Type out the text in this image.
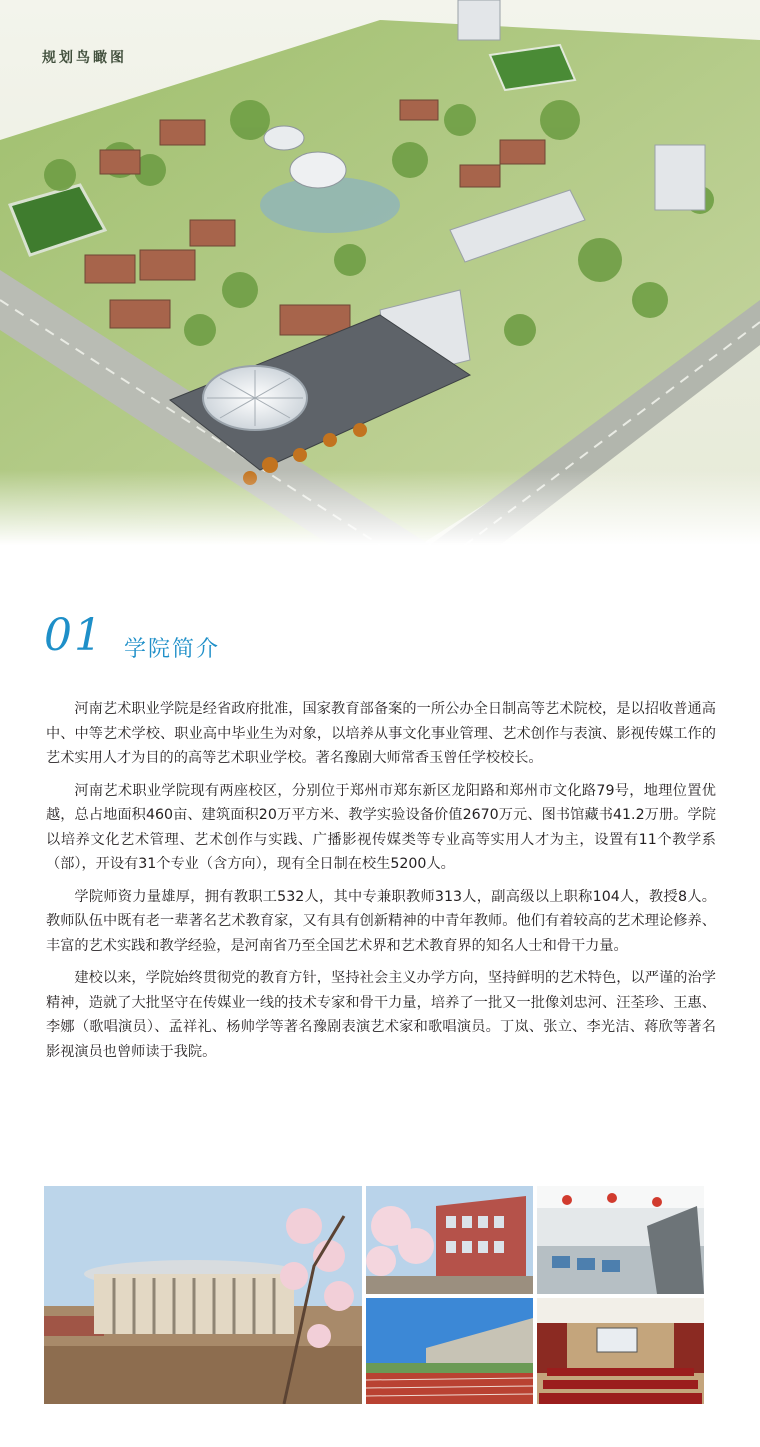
规划鸟瞰图
01 学院简介

河南艺术职业学院是经省政府批准，国家教育部备案的一所公办全日制高等艺术院校，是以招收普通高中、中等艺术学校、职业高中毕业生为对象，以培养从事文化事业管理、艺术创作与表演、影视传媒工作的艺术实用人才为目的的高等艺术职业学校。著名豫剧大师常香玉曾任学校校长。

河南艺术职业学院现有两座校区，分别位于郑州市郑东新区龙阳路和郑州市文化路79号，地理位置优越，总占地面积460亩、建筑面积20万平方米、教学实验设备价值2670万元、图书馆藏书41.2万册。学院以培养文化艺术管理、艺术创作与实践、广播影视传媒类等专业高等实用人才为主，设置有11个教学系（部），开设有31个专业（含方向），现有全日制在校生5200人。

学院师资力量雄厚，拥有教职工532人，其中专兼职教师313人，副高级以上职称104人，教授8人。教师队伍中既有老一辈著名艺术教育家，又有具有创新精神的中青年教师。他们有着较高的艺术理论修养、丰富的艺术实践和教学经验，是河南省乃至全国艺术界和艺术教育界的知名人士和骨干力量。

建校以来，学院始终贯彻党的教育方针，坚持社会主义办学方向，坚持鲜明的艺术特色，以严谨的治学精神，造就了大批坚守在传媒业一线的技术专家和骨干力量，培养了一批又一批像刘忠河、汪荃珍、王惠、李娜（歌唱演员）、孟祥礼、杨帅学等著名豫剧表演艺术家和歌唱演员。丁岚、张立、李光洁、蒋欣等著名影视演员也曾师读于我院。
